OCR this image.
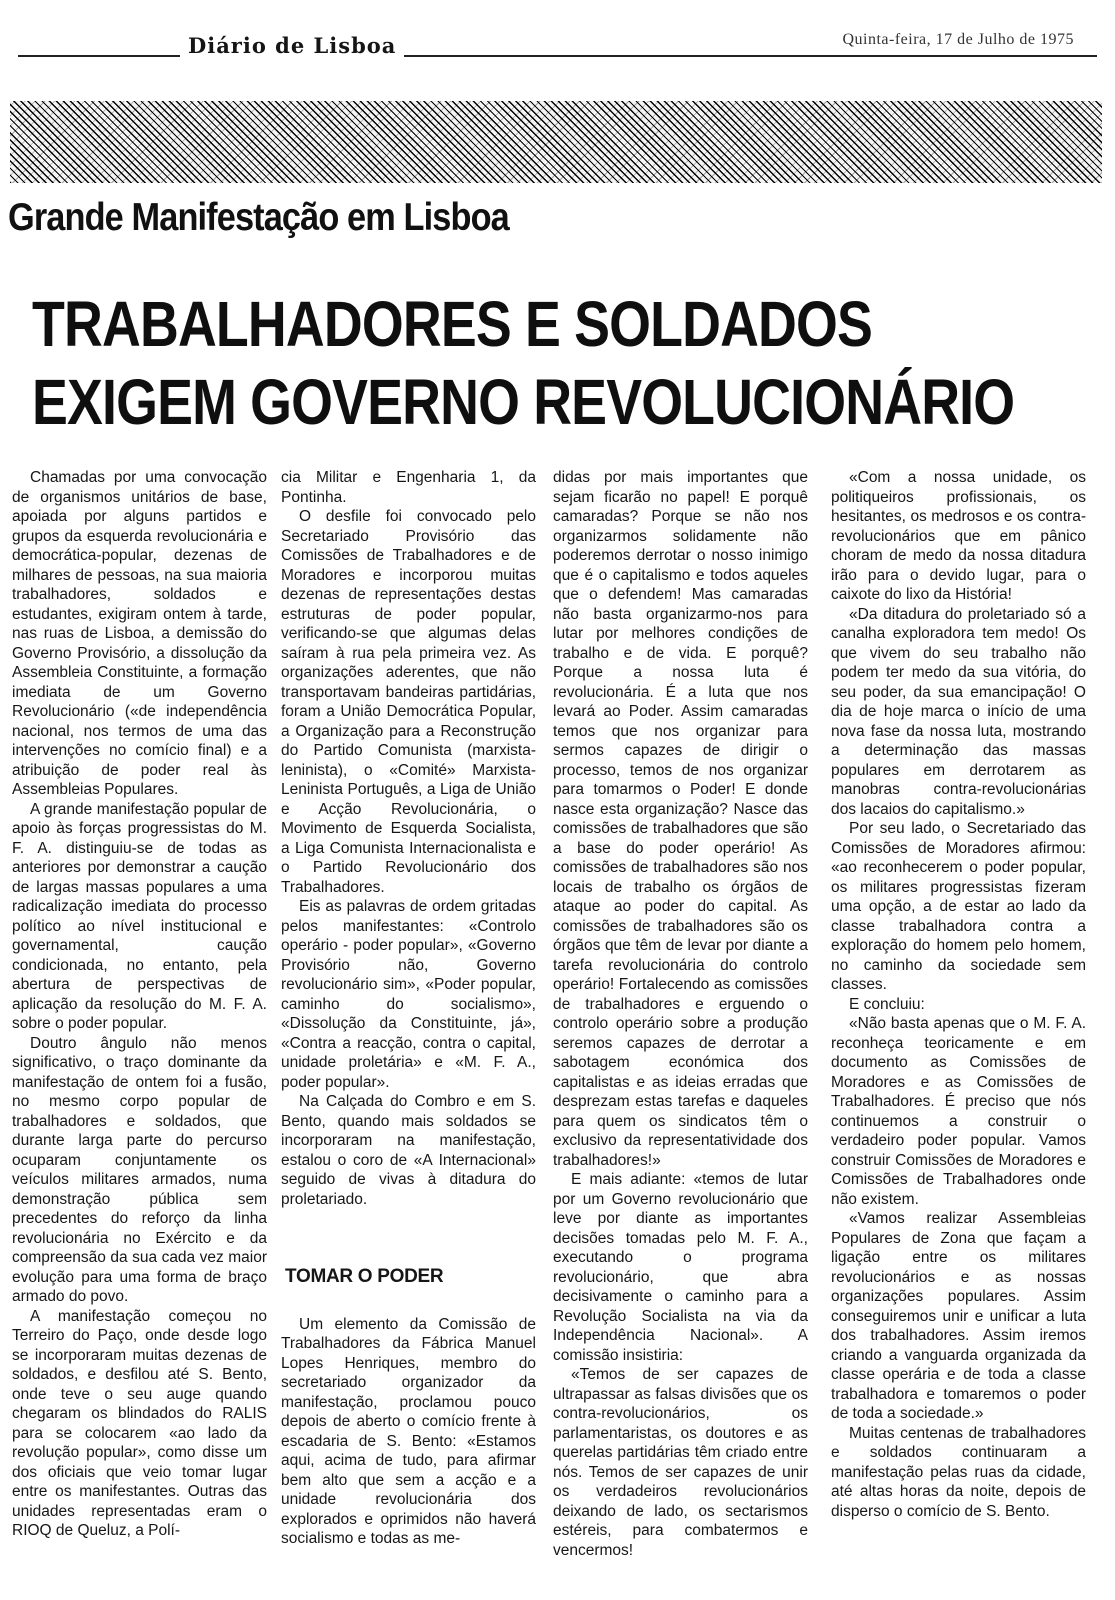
Diário de Lisboa	Quinta-feira, 17 de Julho de 1975
Grande Manifestação em Lisboa
TRABALHADORES E SOLDADOS
EXIGEM GOVERNO REVOLUCIONÁRIO

Chamadas por uma convocação de organismos unitários de base, apoiada por alguns partidos e grupos da esquerda revolucionária e democrática-popular, dezenas de milhares de pessoas, na sua maioria trabalhadores, soldados e estudantes, exigiram ontem à tarde, nas ruas de Lisboa, a demissão do Governo Provisório, a dissolução da Assembleia Constituinte, a formação imediata de um Governo Revolucionário («de independência nacional, nos termos de uma das intervenções no comício final) e a atribuição de poder real às Assembleias Populares.

A grande manifestação popular de apoio às forças progressistas do M. F. A. distinguiu-se de todas as anteriores por demonstrar a caução de largas massas populares a uma radicalização imediata do processo político ao nível institucional e governamental, caução condicionada, no entanto, pela abertura de perspectivas de aplicação da resolução do M. F. A. sobre o poder popular.

Doutro ângulo não menos significativo, o traço dominante da manifestação de ontem foi a fusão, no mesmo corpo popular de trabalhadores e soldados, que durante larga parte do percurso ocuparam conjuntamente os veículos militares armados, numa demonstração pública sem precedentes do reforço da linha revolucionária no Exército e da compreensão da sua cada vez maior evolução para uma forma de braço armado do povo.

A manifestação começou no Terreiro do Paço, onde desde logo se incorporaram muitas dezenas de soldados, e desfilou até S. Bento, onde teve o seu auge quando chegaram os blindados do RALIS para se colocarem «ao lado da revolução popular», como disse um dos oficiais que veio tomar lugar entre os manifestantes. Outras das unidades representadas eram o RIOQ de Queluz, a Polí-

cia Militar e Engenharia 1, da Pontinha.

O desfile foi convocado pelo Secretariado Provisório das Comissões de Trabalhadores e de Moradores e incorporou muitas dezenas de representações destas estruturas de poder popular, verificando-se que algumas delas saíram à rua pela primeira vez. As organizações aderentes, que não transportavam bandeiras partidárias, foram a União Democrática Popular, a Organização para a Reconstrução do Partido Comunista (marxista-leninista), o «Comité» Marxista-Leninista Português, a Liga de União e Acção Revolucionária, o Movimento de Esquerda Socialista, a Liga Comunista Internacionalista e o Partido Revolucionário dos Trabalhadores.

Eis as palavras de ordem gritadas pelos manifestantes: «Controlo operário - poder popular», «Governo Provisório não, Governo revolucionário sim», «Poder popular, caminho do socialismo», «Dissolução da Constituinte, já», «Contra a reacção, contra o capital, unidade proletária» e «M. F. A., poder popular».

Na Calçada do Combro e em S. Bento, quando mais soldados se incorporaram na manifestação, estalou o coro de «A Internacional» seguido de vivas à ditadura do proletariado.

TOMAR O PODER

Um elemento da Comissão de Trabalhadores da Fábrica Manuel Lopes Henriques, membro do secretariado organizador da manifestação, proclamou pouco depois de aberto o comício frente à escadaria de S. Bento: «Estamos aqui, acima de tudo, para afirmar bem alto que sem a acção e a unidade revolucionária dos explorados e oprimidos não haverá socialismo e todas as me-

didas por mais importantes que sejam ficarão no papel! E porquê camaradas? Porque se não nos organizarmos solidamente não poderemos derrotar o nosso inimigo que é o capitalismo e todos aqueles que o defendem! Mas camaradas não basta organizarmo-nos para lutar por melhores condições de trabalho e de vida. E porquê? Porque a nossa luta é revolucionária. É a luta que nos levará ao Poder. Assim camaradas temos que nos organizar para sermos capazes de dirigir o processo, temos de nos organizar para tomarmos o Poder! E donde nasce esta organização? Nasce das comissões de trabalhadores que são a base do poder operário! As comissões de trabalhadores são nos locais de trabalho os órgãos de ataque ao poder do capital. As comissões de trabalhadores são os órgãos que têm de levar por diante a tarefa revolucionária do controlo operário! Fortalecendo as comissões de trabalhadores e erguendo o controlo operário sobre a produção seremos capazes de derrotar a sabotagem económica dos capitalistas e as ideias erradas que desprezam estas tarefas e daqueles para quem os sindicatos têm o exclusivo da representatividade dos trabalhadores!»

E mais adiante: «temos de lutar por um Governo revolucionário que leve por diante as importantes decisões tomadas pelo M. F. A., executando o programa revolucionário, que abra decisivamente o caminho para a Revolução Socialista na via da Independência Nacional». A comissão insistiria:

«Temos de ser capazes de ultrapassar as falsas divisões que os contra-revolucionários, os parlamentaristas, os doutores e as querelas partidárias têm criado entre nós. Temos de ser capazes de unir os verdadeiros revolucionários deixando de lado, os sectarismos estéreis, para combatermos e vencermos!

«Com a nossa unidade, os politiqueiros profissionais, os hesitantes, os medrosos e os contra-revolucionários que em pânico choram de medo da nossa ditadura irão para o devido lugar, para o caixote do lixo da História!

«Da ditadura do proletariado só a canalha exploradora tem medo! Os que vivem do seu trabalho não podem ter medo da sua vitória, do seu poder, da sua emancipação! O dia de hoje marca o início de uma nova fase da nossa luta, mostrando a determinação das massas populares em derrotarem as manobras contra-revolucionárias dos lacaios do capitalismo.»

Por seu lado, o Secretariado das Comissões de Moradores afirmou: «ao reconhecerem o poder popular, os militares progressistas fizeram uma opção, a de estar ao lado da classe trabalhadora contra a exploração do homem pelo homem, no caminho da sociedade sem classes.

E concluiu:

«Não basta apenas que o M. F. A. reconheça teoricamente e em documento as Comissões de Moradores e as Comissões de Trabalhadores. É preciso que nós continuemos a construir o verdadeiro poder popular. Vamos construir Comissões de Moradores e Comissões de Trabalhadores onde não existem.

«Vamos realizar Assembleias Populares de Zona que façam a ligação entre os militares revolucionários e as nossas organizações populares. Assim conseguiremos unir e unificar a luta dos trabalhadores. Assim iremos criando a vanguarda organizada da classe operária e de toda a classe trabalhadora e tomaremos o poder de toda a sociedade.»

Muitas centenas de trabalhadores e soldados continuaram a manifestação pelas ruas da cidade, até altas horas da noite, depois de disperso o comício de S. Bento.
